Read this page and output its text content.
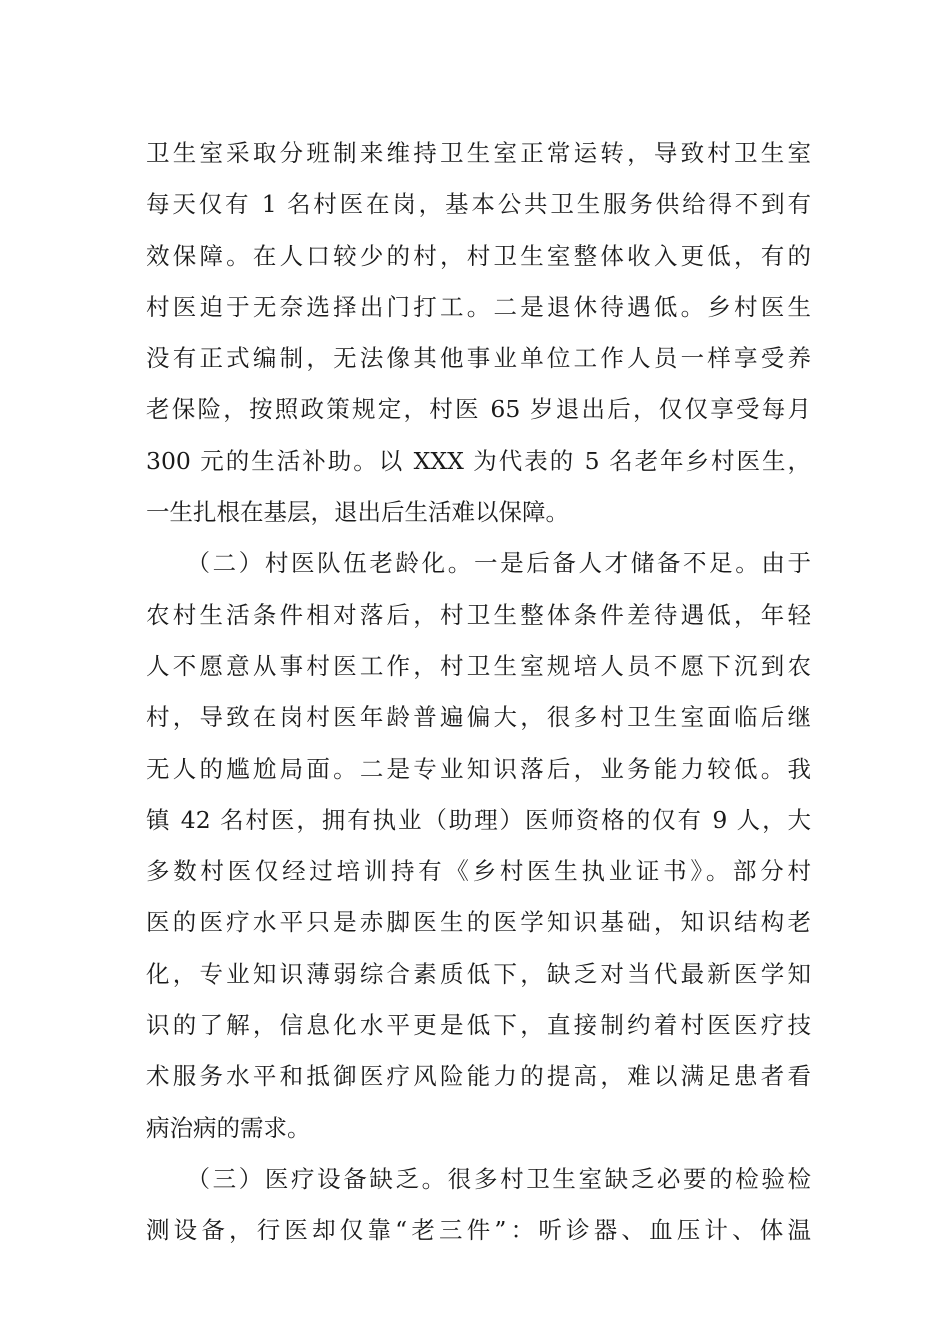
卫生室采取分班制来维持卫生室正常运转，导致村卫生室
每天仅有 1 名村医在岗，基本公共卫生服务供给得不到有
效保障。在人口较少的村，村卫生室整体收入更低，有的
村医迫于无奈选择出门打工。二是退休待遇低。乡村医生
没有正式编制，无法像其他事业单位工作人员一样享受养
老保险，按照政策规定，村医 65 岁退出后，仅仅享受每月
300 元的生活补助。以 XXX 为代表的 5 名老年乡村医生，
一生扎根在基层，退出后生活难以保障。
　　（二）村医队伍老龄化。一是后备人才储备不足。由于
农村生活条件相对落后，村卫生整体条件差待遇低，年轻
人不愿意从事村医工作，村卫生室规培人员不愿下沉到农
村，导致在岗村医年龄普遍偏大，很多村卫生室面临后继
无人的尴尬局面。二是专业知识落后，业务能力较低。我
镇 42 名村医，拥有执业（助理）医师资格的仅有 9 人，大
多数村医仅经过培训持有《乡村医生执业证书》。部分村
医的医疗水平只是赤脚医生的医学知识基础，知识结构老
化，专业知识薄弱综合素质低下，缺乏对当代最新医学知
识的了解，信息化水平更是低下，直接制约着村医医疗技
术服务水平和抵御医疗风险能力的提高，难以满足患者看
病治病的需求。
　　（三）医疗设备缺乏。很多村卫生室缺乏必要的检验检
测设备，行医却仅靠“老三件”：听诊器、血压计、体温
